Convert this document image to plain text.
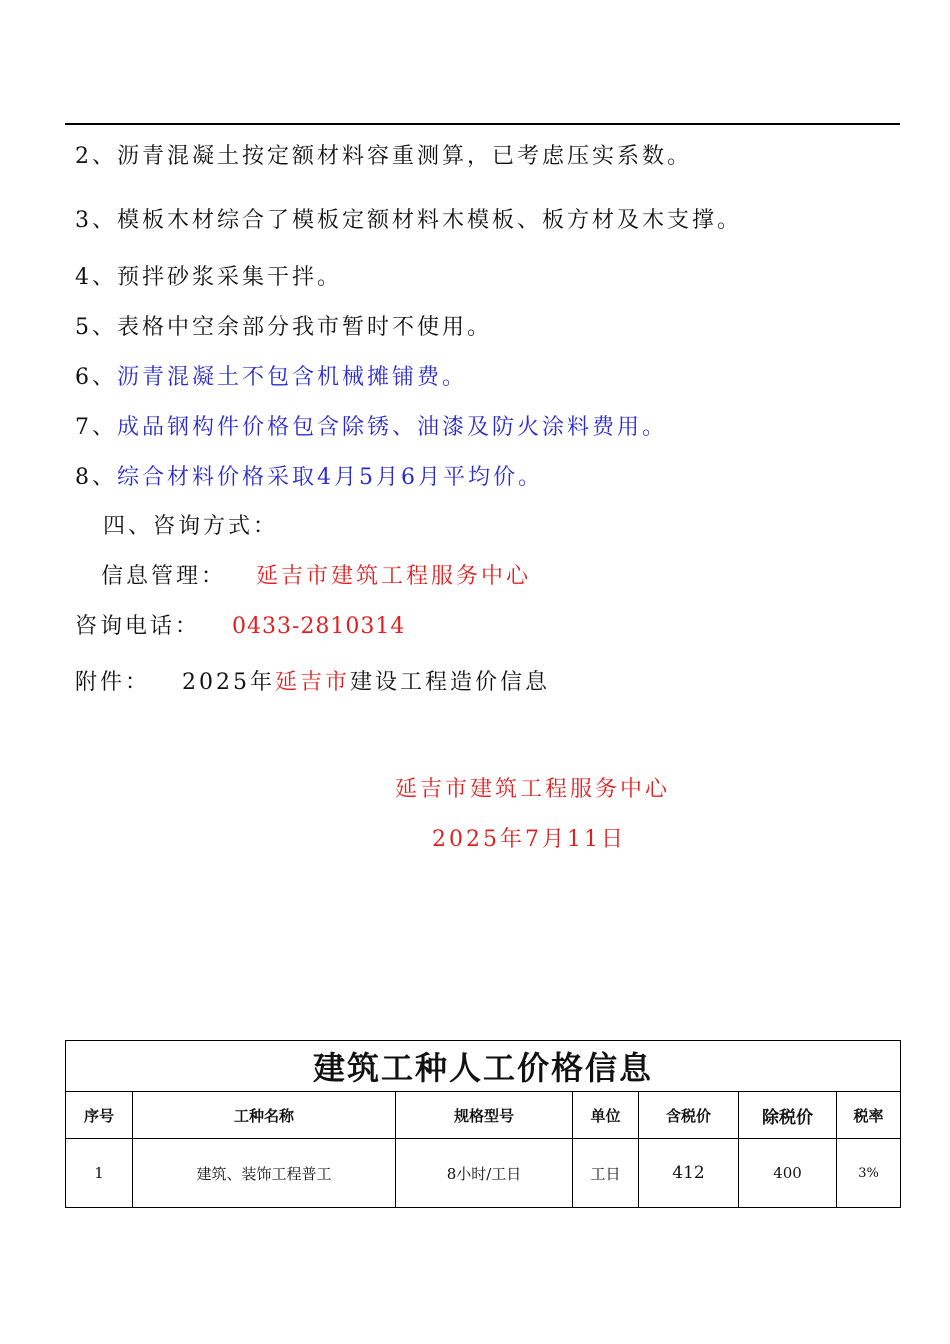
2、沥青混凝土按定额材料容重测算，已考虑压实系数。
3、模板木材综合了模板定额材料木模板、板方材及木支撑。
4、预拌砂浆采集干拌。
5、表格中空余部分我市暂时不使用。
6、沥青混凝土不包含机械摊铺费。
7、成品钢构件价格包含除锈、油漆及防火涂料费用。
8、综合材料价格采取4月5月6月平均价。
四、咨询方式：
信息管理： 延吉市建筑工程服务中心
咨询电话： 0433-2810314
附件： 2025年延吉市建设工程造价信息
延吉市建筑工程服务中心
2025年7月11日
建筑工种人工价格信息						
序号	工种名称	规格型号	单位	含税价	除税价	税率
1	建筑、装饰工程普工	8小时/工日	工日	412	400	3%
